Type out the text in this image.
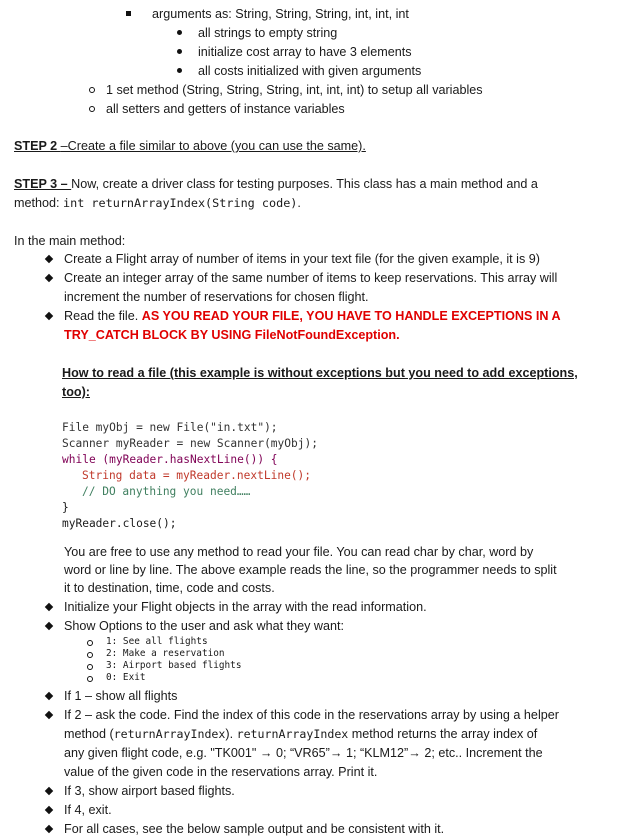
arguments as: String, String, String, int, int, int
all strings to empty string
initialize cost array to have 3 elements
all costs initialized with given arguments
1 set method (String, String, String, int, int, int) to setup all variables
all setters and getters of instance variables
STEP 2 –Create a file similar to above (you can use the same).
STEP 3 – Now, create a driver class for testing purposes. This class has a main method and a
method: int returnArrayIndex(String code).
In the main method:
Create a Flight array of number of items in your text file (for the given example, it is 9)
Create an integer array of the same number of items to keep reservations. This array will
increment the number of reservations for chosen flight.
Read the file. AS YOU READ YOUR FILE, YOU HAVE TO HANDLE EXCEPTIONS IN A
TRY_CATCH BLOCK BY USING FileNotFoundException.
How to read a file (this example is without exceptions but you need to add exceptions,
too):
File myObj = new File("in.txt");
Scanner myReader = new Scanner(myObj);
while (myReader.hasNextLine()) {
String data = myReader.nextLine();
// DO anything you need……
}
myReader.close();
You are free to use any method to read your file. You can read char by char, word by
word or line by line. The above example reads the line, so the programmer needs to split
it to destination, time, code and costs.
Initialize your Flight objects in the array with the read information.
Show Options to the user and ask what they want:
1: See all flights
2: Make a reservation
3: Airport based flights
0: Exit
If 1 – show all flights
If 2 – ask the code. Find the index of this code in the reservations array by using a helper
method (returnArrayIndex). returnArrayIndex method returns the array index of
any given flight code, e.g. "TK001" → 0; “VR65”→ 1; “KLM12”→ 2; etc.. Increment the
value of the given code in the reservations array. Print it.
If 3, show airport based flights.
If 4, exit.
For all cases, see the below sample output and be consistent with it.
